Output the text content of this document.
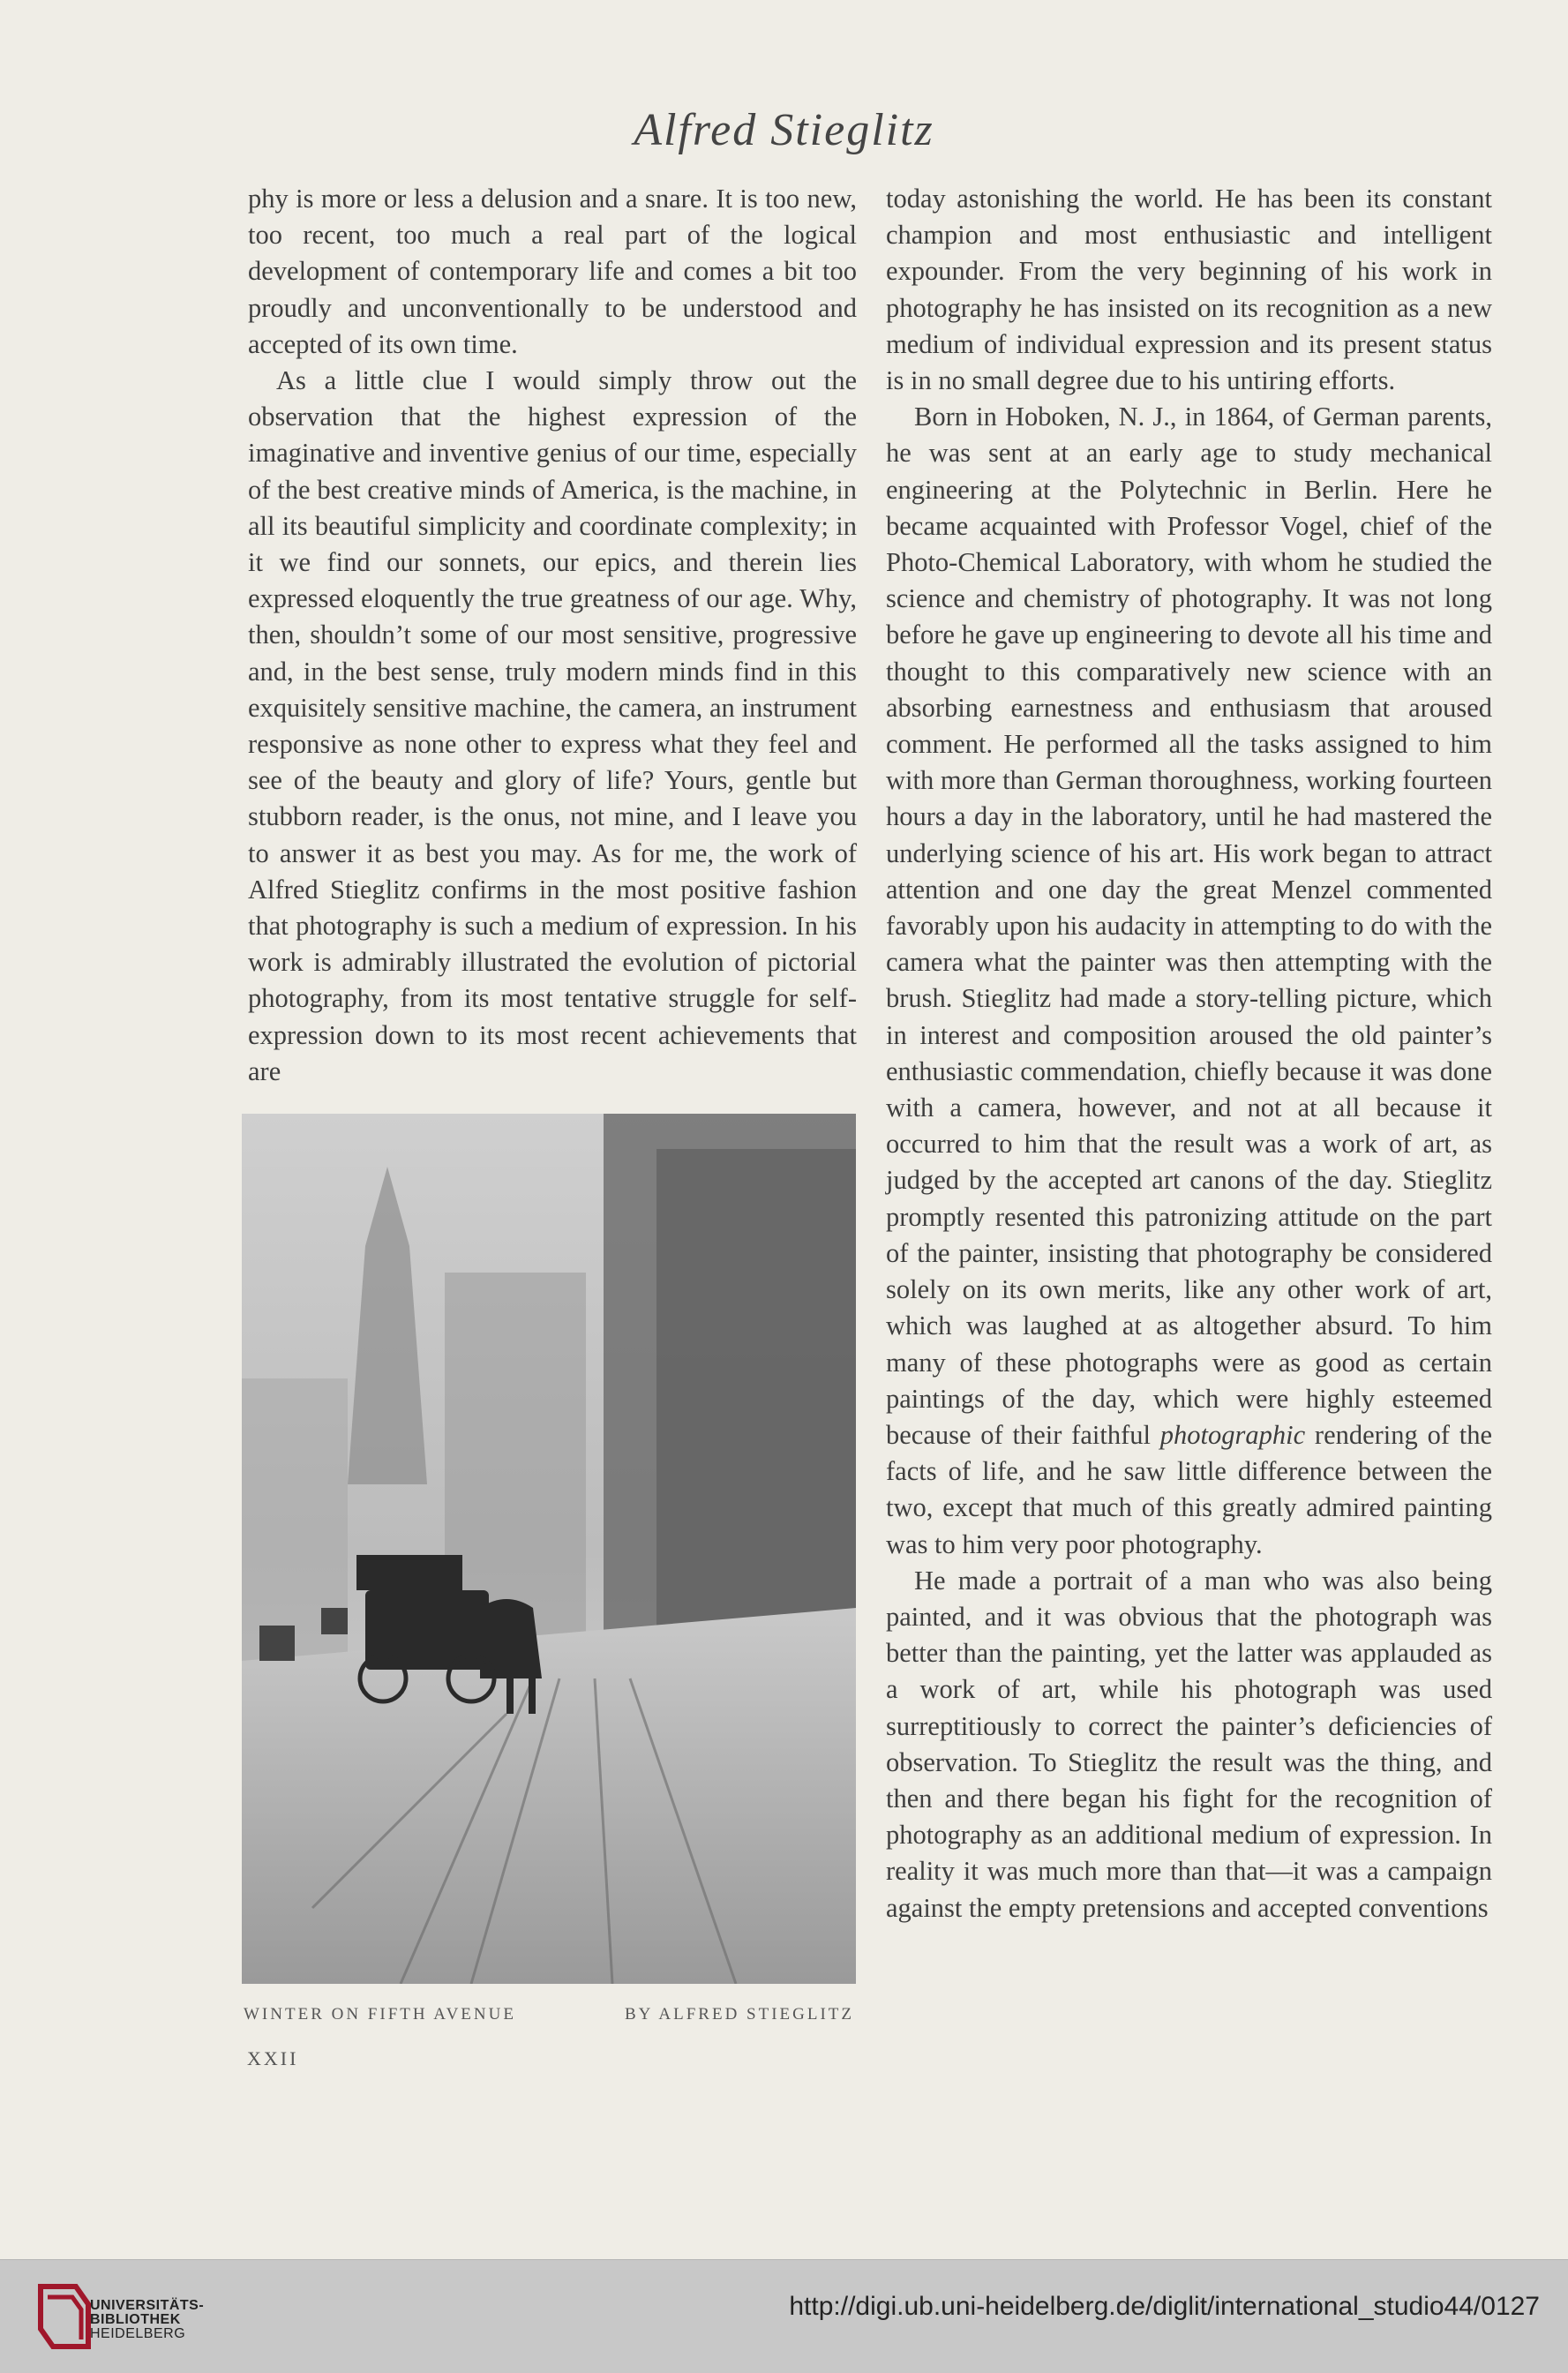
Alfred Stieglitz

phy is more or less a delusion and a snare. It is too new, too recent, too much a real part of the logical development of contemporary life and comes a bit too proudly and unconventionally to be understood and accepted of its own time.

As a little clue I would simply throw out the observation that the highest expression of the imaginative and inventive genius of our time, especially of the best creative minds of America, is the machine, in all its beautiful simplicity and coordinate complexity; in it we find our sonnets, our epics, and therein lies expressed eloquently the true greatness of our age. Why, then, shouldn’t some of our most sensitive, progressive and, in the best sense, truly modern minds find in this exquisitely sensitive machine, the camera, an instrument responsive as none other to express what they feel and see of the beauty and glory of life? Yours, gentle but stubborn reader, is the onus, not mine, and I leave you to answer it as best you may. As for me, the work of Alfred Stieglitz confirms in the most positive fashion that photography is such a medium of expression. In his work is admirably illustrated the evolution of pictorial photography, from its most tentative struggle for self-expression down to its most recent achievements that are

today astonishing the world. He has been its constant champion and most enthusiastic and intelligent expounder. From the very beginning of his work in photography he has insisted on its recognition as a new medium of individual expression and its present status is in no small degree due to his untiring efforts.

Born in Hoboken, N. J., in 1864, of German parents, he was sent at an early age to study mechanical engineering at the Polytechnic in Berlin. Here he became acquainted with Professor Vogel, chief of the Photo-Chemical Laboratory, with whom he studied the science and chemistry of photography. It was not long before he gave up engineering to devote all his time and thought to this comparatively new science with an absorbing earnestness and enthusiasm that aroused comment. He performed all the tasks assigned to him with more than German thoroughness, working fourteen hours a day in the laboratory, until he had mastered the underlying science of his art. His work began to attract attention and one day the great Menzel commented favorably upon his audacity in attempting to do with the camera what the painter was then attempting with the brush. Stieglitz had made a story-telling picture, which in interest and composition aroused the old painter’s enthusiastic commendation, chiefly because it was done with a camera, however, and not at all because it occurred to him that the result was a work of art, as judged by the accepted art canons of the day. Stieglitz promptly resented this patronizing attitude on the part of the painter, insisting that photography be considered solely on its own merits, like any other work of art, which was laughed at as altogether absurd. To him many of these photographs were as good as certain paintings of the day, which were highly esteemed because of their faithful photographic rendering of the facts of life, and he saw little difference between the two, except that much of this greatly admired painting was to him very poor photography.

He made a portrait of a man who was also being painted, and it was obvious that the photograph was better than the painting, yet the latter was applauded as a work of art, while his photograph was used surreptitiously to correct the painter’s deficiencies of observation. To Stieglitz the result was the thing, and then and there began his fight for the recognition of photography as an additional medium of expression. In reality it was much more than that—it was a campaign against the empty pretensions and accepted conventions

WINTER ON FIFTH AVENUE	BY ALFRED STIEGLITZ
XXII
UNIVERSITÄTS-
BIBLIOTHEK
HEIDELBERG
http://digi.ub.uni-heidelberg.de/diglit/international_studio44/0127
